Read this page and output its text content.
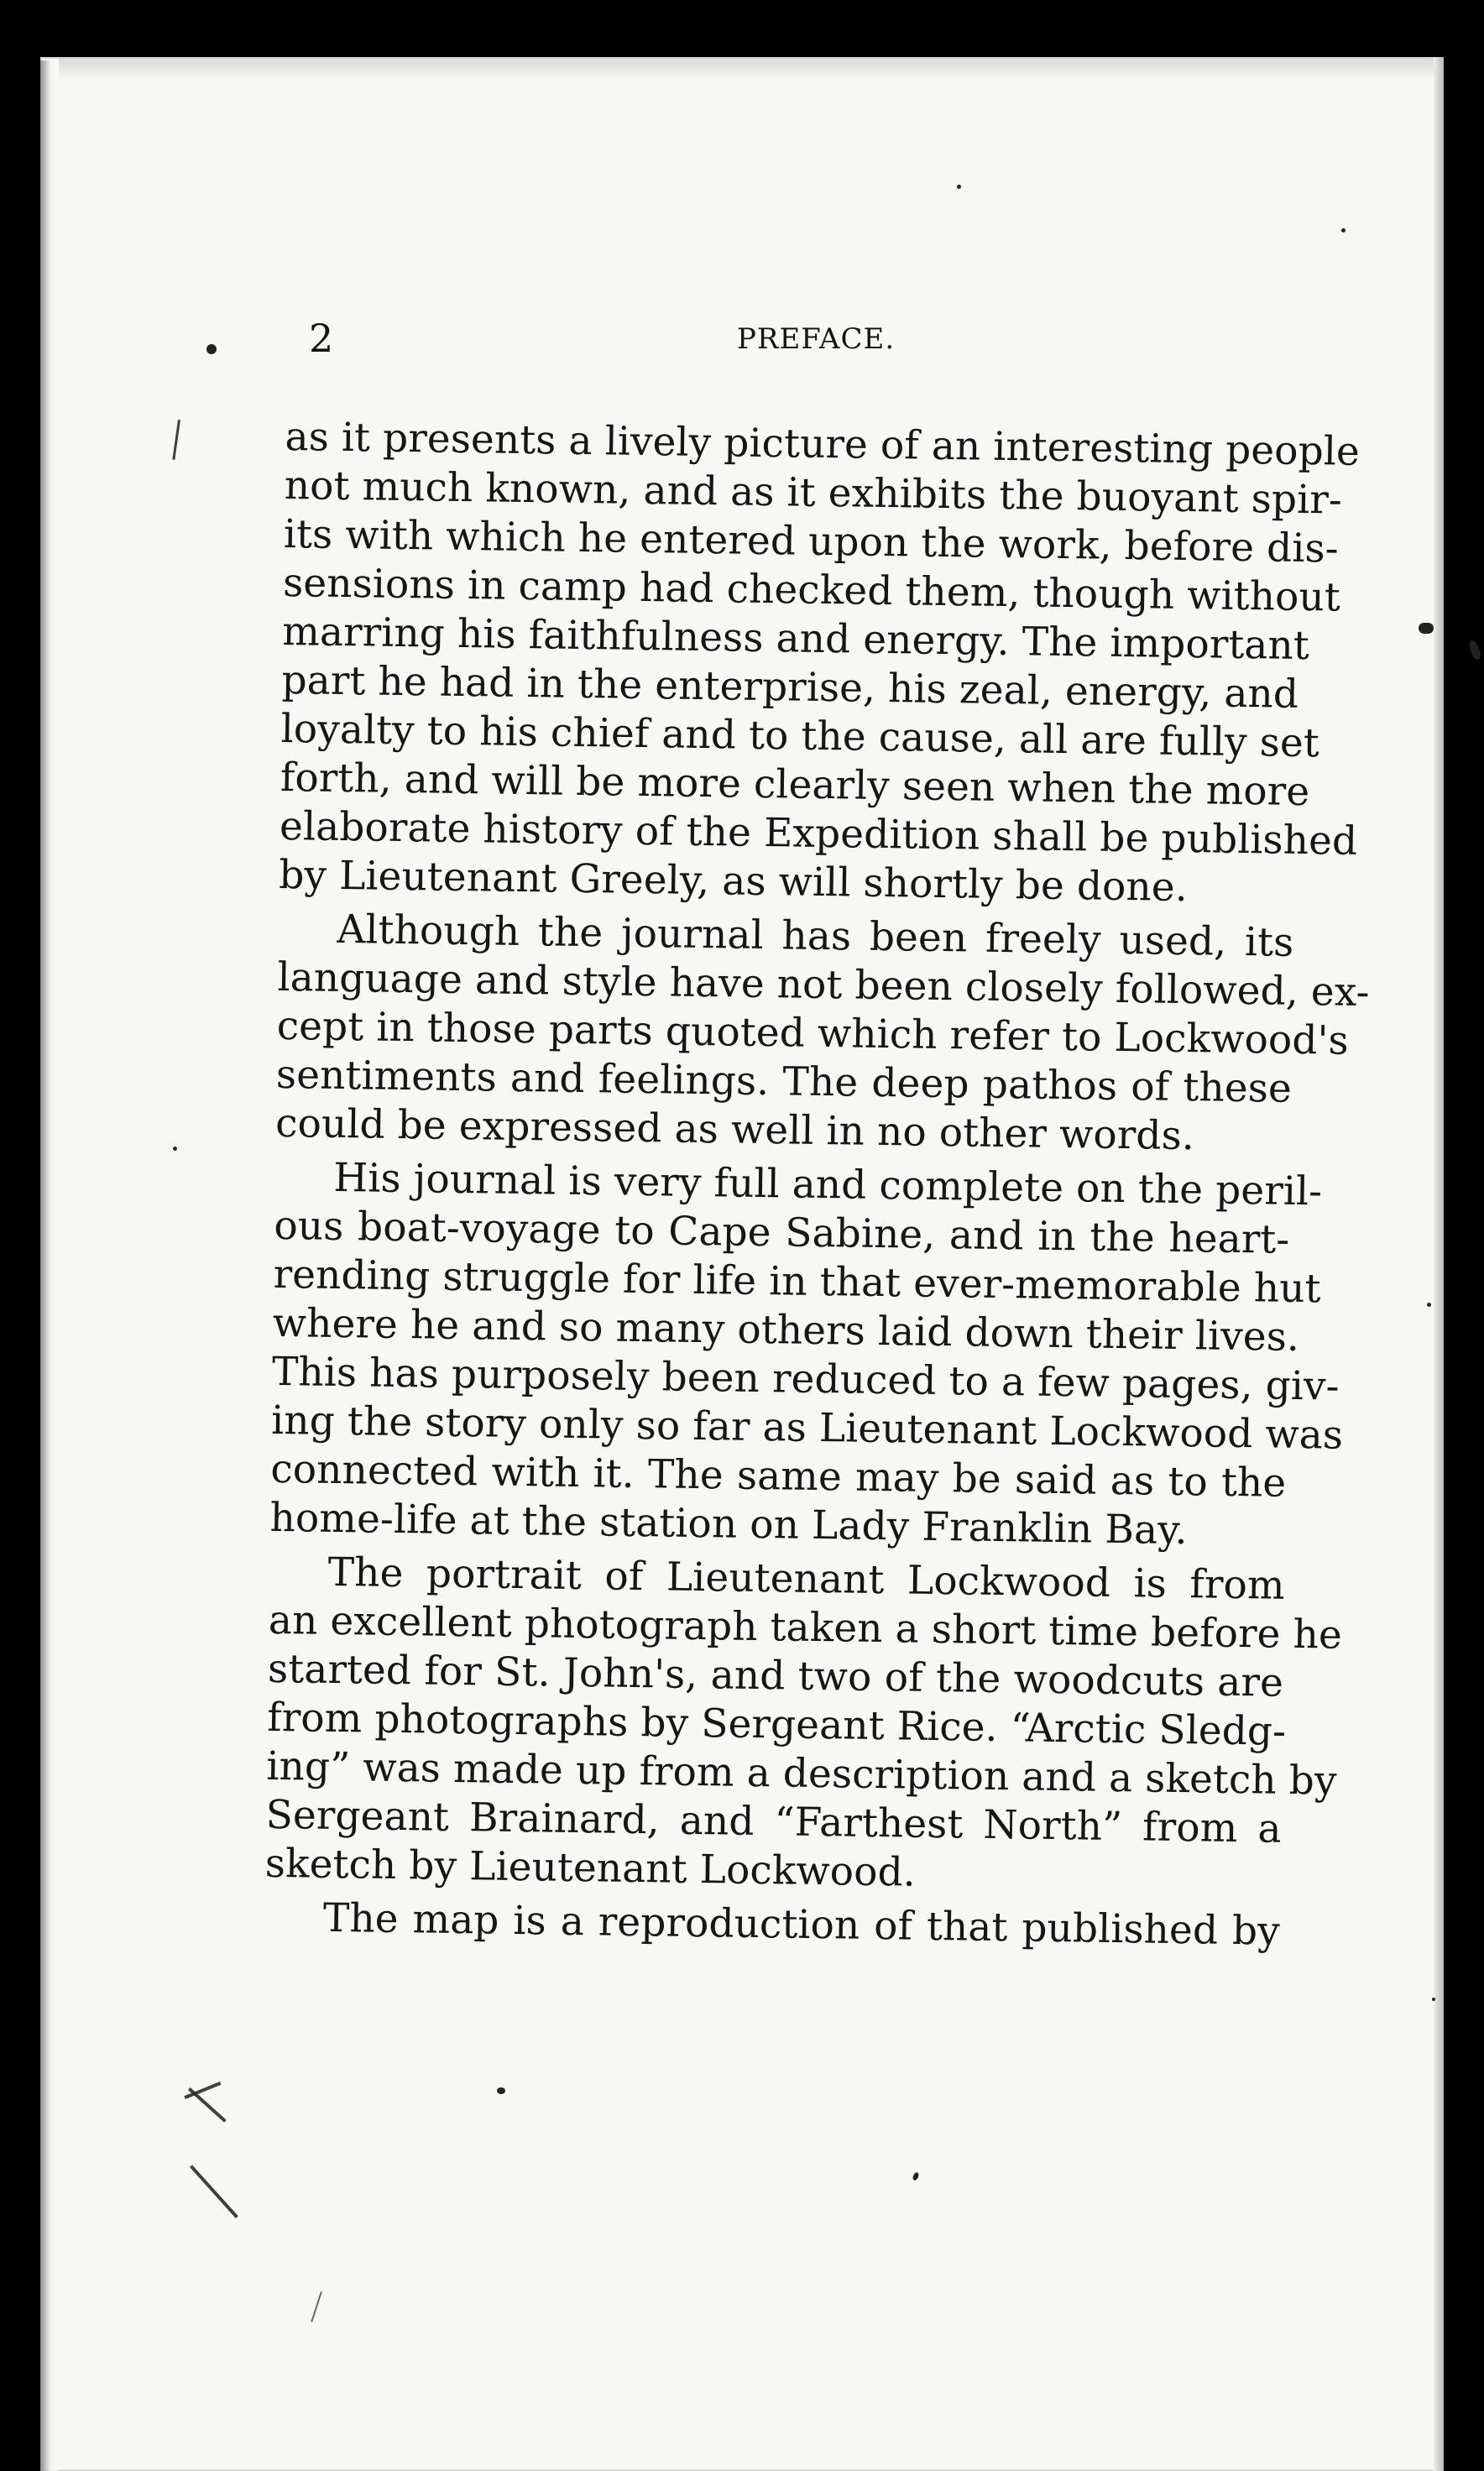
2	PREFACE.
as it presents a lively picture of an interesting people
not much known, and as it exhibits the buoyant spir-
its with which he entered upon the work, before dis-
sensions in camp had checked them, though without
marring his faithfulness and energy. The important
part he had in the enterprise, his zeal, energy, and
loyalty to his chief and to the cause, all are fully set
forth, and will be more clearly seen when the more
elaborate history of the Expedition shall be published
by Lieutenant Greely, as will shortly be done.
Although the journal has been freely used, its
language and style have not been closely followed, ex-
cept in those parts quoted which refer to Lockwood's
sentiments and feelings. The deep pathos of these
could be expressed as well in no other words.
His journal is very full and complete on the peril-
ous boat-voyage to Cape Sabine, and in the heart-
rending struggle for life in that ever-memorable hut
where he and so many others laid down their lives.
This has purposely been reduced to a few pages, giv-
ing the story only so far as Lieutenant Lockwood was
connected with it. The same may be said as to the
home-life at the station on Lady Franklin Bay.
The portrait of Lieutenant Lockwood is from
an excellent photograph taken a short time before he
started for St. John's, and two of the woodcuts are
from photographs by Sergeant Rice. “Arctic Sledg-
ing” was made up from a description and a sketch by
Sergeant Brainard, and “Farthest North” from a
sketch by Lieutenant Lockwood.
The map is a reproduction of that published by
